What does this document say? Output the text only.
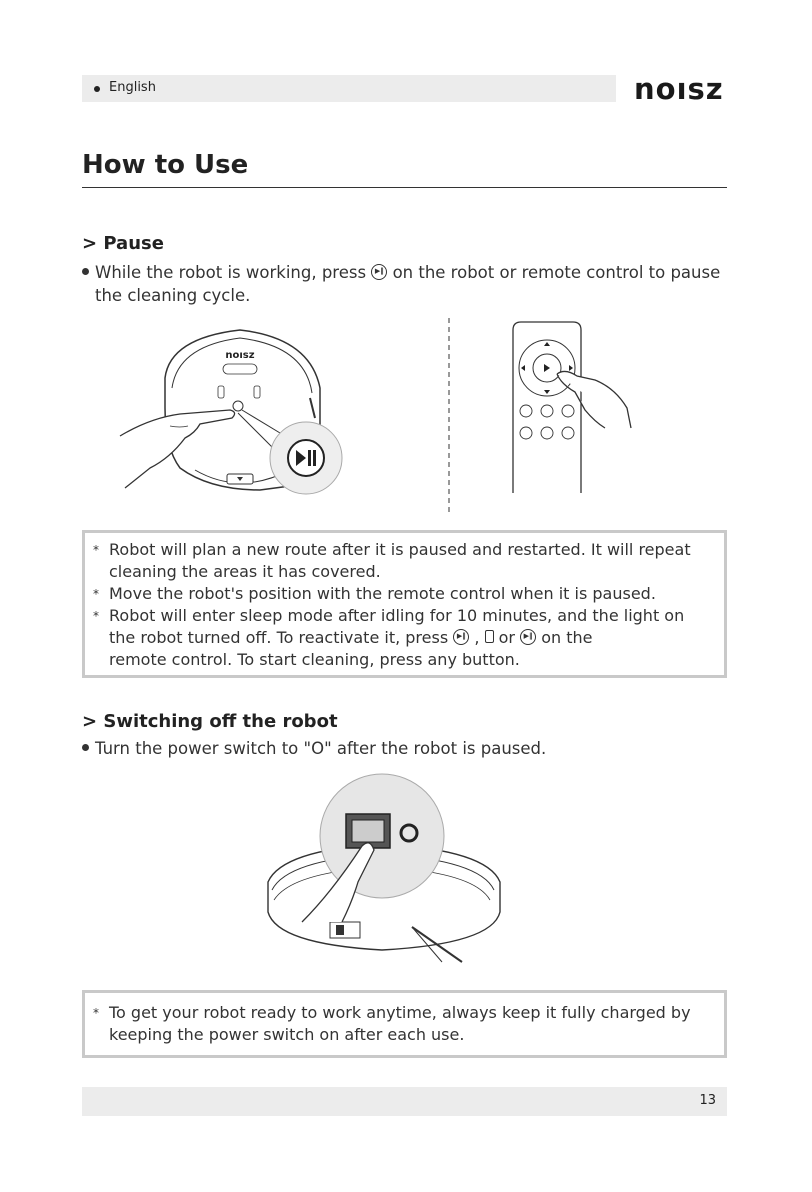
English	noısz
How to Use
> Pause
While the robot is working, press ▶‖ on the robot or remote control to pause
the cleaning cycle.
noısz
* Robot will plan a new route after it is paused and restarted. It will repeat
cleaning the areas it has covered.
* Move the robot's position with the remote control when it is paused.
* Robot will enter sleep mode after idling for 10 minutes, and the light on
the robot turned off. To reactivate it, press ▶‖ , or ▶‖ on the
remote control. To start cleaning, press any button.
> Switching off the robot
Turn the power switch to "O" after the robot is paused.
* To get your robot ready to work anytime, always keep it fully charged by
keeping the power switch on after each use.
13
